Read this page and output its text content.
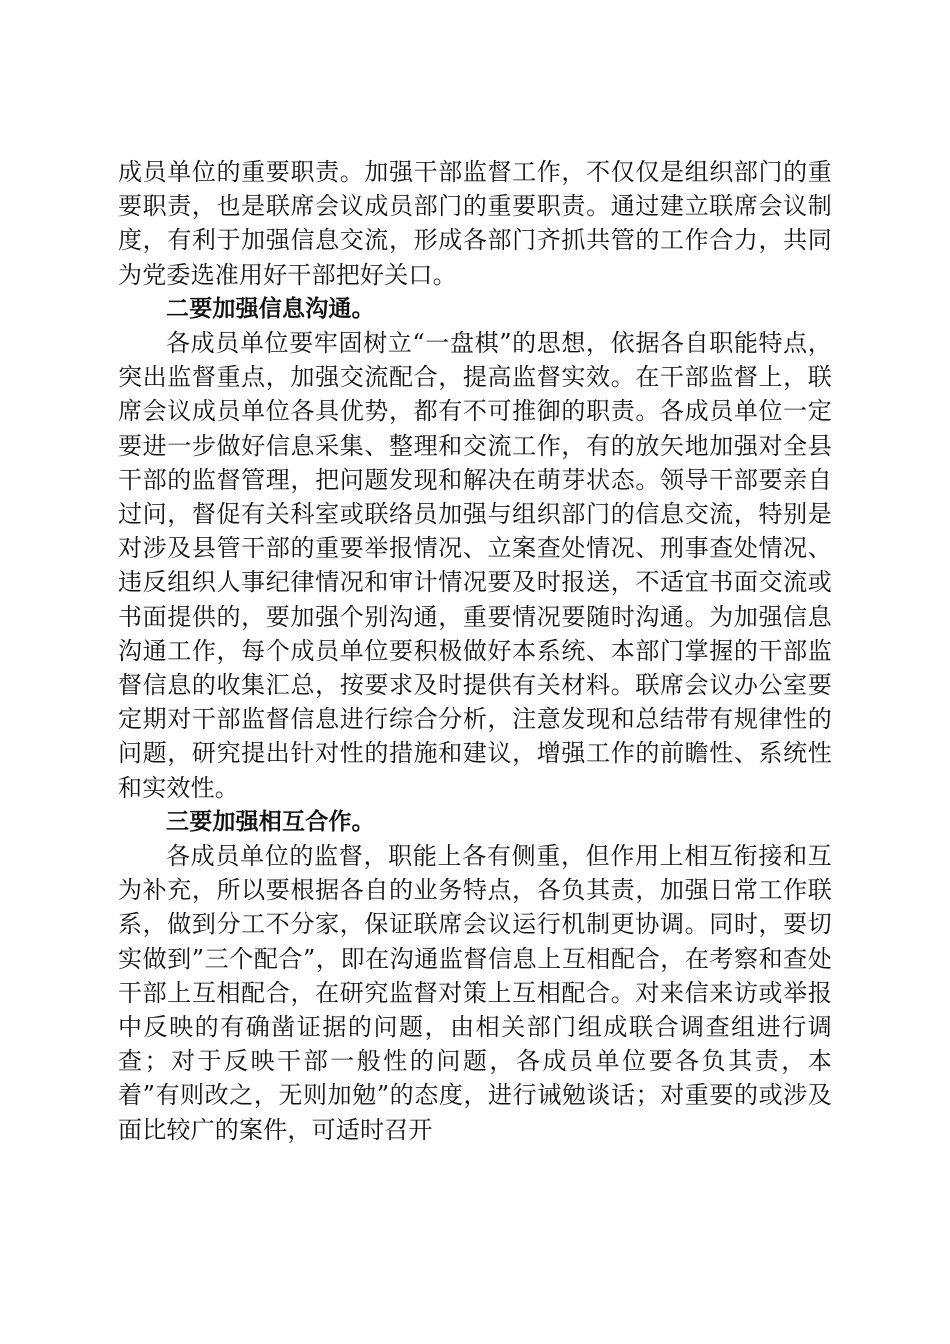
成员单位的重要职责。加强干部监督工作，不仅仅是组织部门的重要职责，也是联席会议成员部门的重要职责。通过建立联席会议制度，有利于加强信息交流，形成各部门齐抓共管的工作合力，共同为党委选准用好干部把好关口。

二要加强信息沟通。

各成员单位要牢固树立“一盘棋”的思想，依据各自职能特点，突出监督重点，加强交流配合，提高监督实效。在干部监督上，联席会议成员单位各具优势，都有不可推御的职责。各成员单位一定要进一步做好信息采集、整理和交流工作，有的放矢地加强对全县干部的监督管理，把问题发现和解决在萌芽状态。领导干部要亲自过问，督促有关科室或联络员加强与组织部门的信息交流，特别是对涉及县管干部的重要举报情况、立案查处情况、刑事查处情况、违反组织人事纪律情况和审计情况要及时报送，不适宜书面交流或书面提供的，要加强个别沟通，重要情况要随时沟通。为加强信息沟通工作，每个成员单位要积极做好本系统、本部门掌握的干部监督信息的收集汇总，按要求及时提供有关材料。联席会议办公室要定期对干部监督信息进行综合分析，注意发现和总结带有规律性的问题，研究提出针对性的措施和建议，增强工作的前瞻性、系统性和实效性。

三要加强相互合作。

各成员单位的监督，职能上各有侧重，但作用上相互衔接和互为补充，所以要根据各自的业务特点，各负其责，加强日常工作联系，做到分工不分家，保证联席会议运行机制更协调。同时，要切实做到”三个配合”，即在沟通监督信息上互相配合，在考察和查处干部上互相配合，在研究监督对策上互相配合。对来信来访或举报中反映的有确凿证据的问题，由相关部门组成联合调查组进行调查；对于反映干部一般性的问题，各成员单位要各负其责，本着”有则改之，无则加勉”的态度，进行诫勉谈话；对重要的或涉及面比较广的案件，可适时召开
